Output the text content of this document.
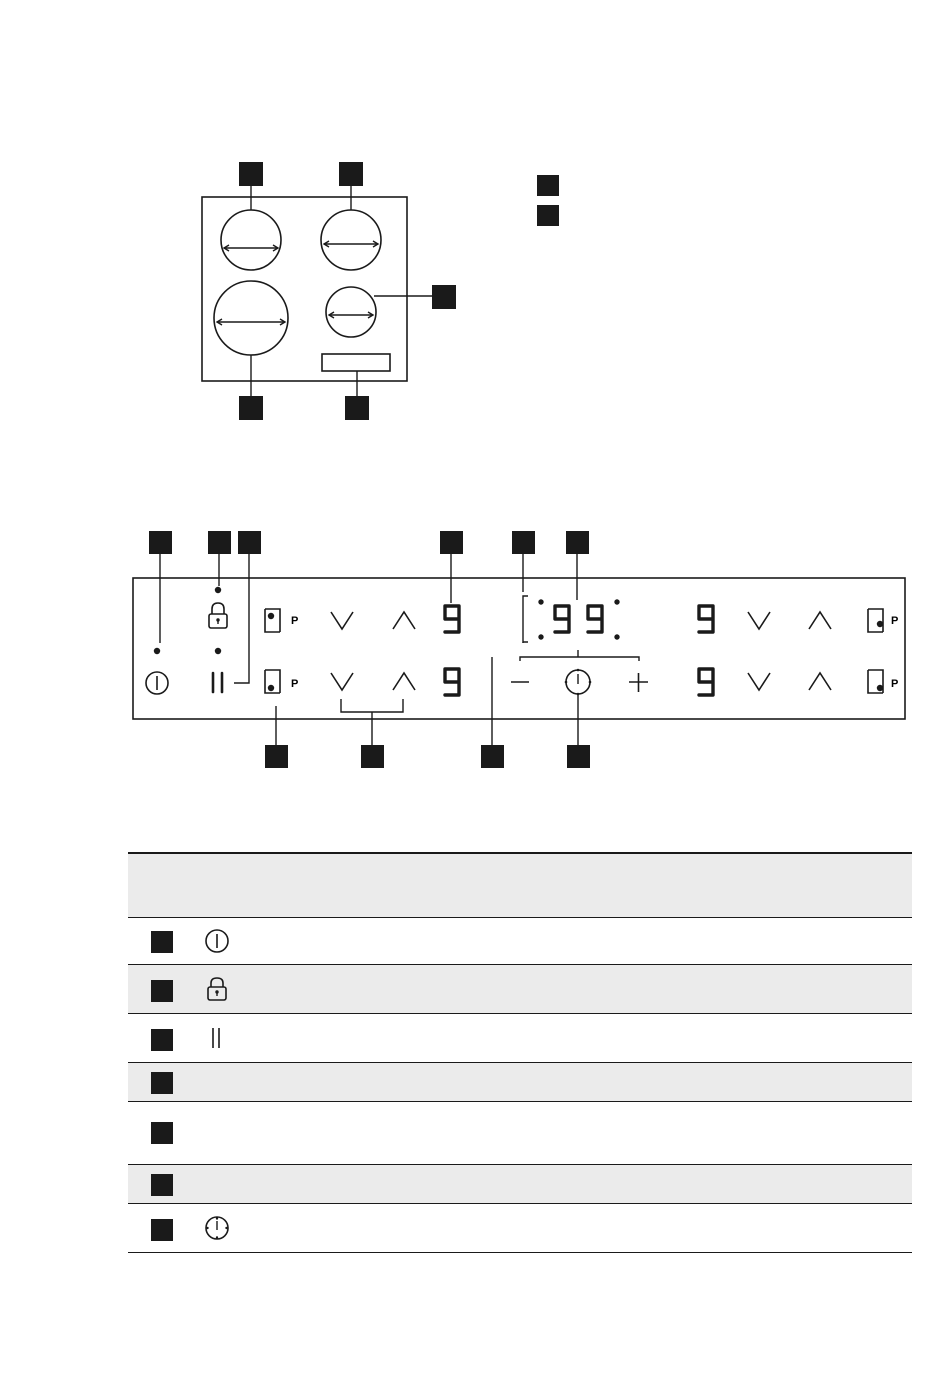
P
P
P
P
